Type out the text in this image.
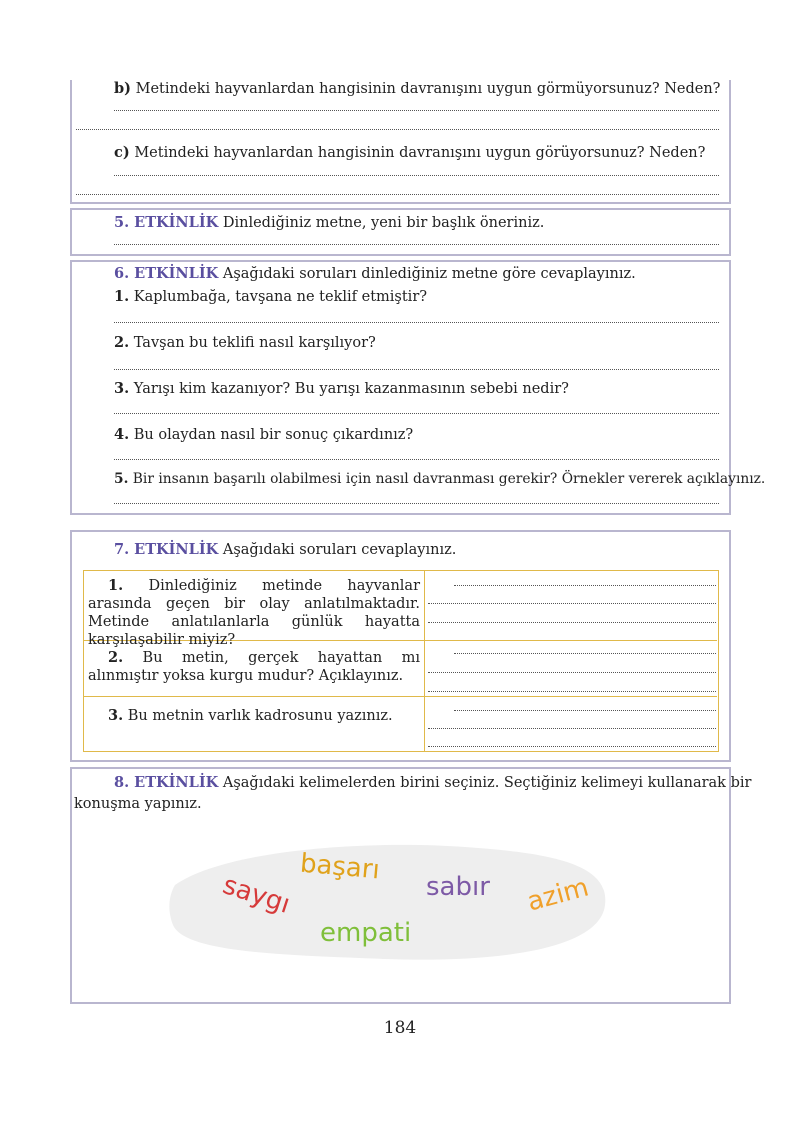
b) Metindeki hayvanlardan hangisinin davranışını uygun görmüyorsunuz? Neden?
c) Metindeki hayvanlardan hangisinin davranışını uygun görüyorsunuz? Neden?
5. ETKİNLİK Dinlediğiniz metne, yeni bir başlık öneriniz.
6. ETKİNLİK Aşağıdaki soruları dinlediğiniz metne göre cevaplayınız.
1. Kaplumbağa, tavşana ne teklif etmiştir?
2. Tavşan bu teklifi nasıl karşılıyor?
3. Yarışı kim kazanıyor? Bu yarışı kazanmasının sebebi nedir?
4. Bu olaydan nasıl bir sonuç çıkardınız?
5. Bir insanın başarılı olabilmesi için nasıl davranması gerekir? Örnekler vererek açıklayınız.
7. ETKİNLİK Aşağıdaki soruları cevaplayınız.
1. Dinlediğiniz metinde hayvanlar arasında geçen bir olay anlatılmaktadır. Metinde anlatılanlarla günlük hayatta karşılaşabilir miyiz?
2. Bu metin, gerçek hayattan mı alınmıştır yoksa kurgu mudur? Açıklayınız.
3. Bu metnin varlık kadrosunu yazınız.
8. ETKİNLİK Aşağıdaki kelimelerden birini seçiniz. Seçtiğiniz kelimeyi kullanarak bir
konuşma yapınız.
başarı
saygı	sabır azim
empati
184
